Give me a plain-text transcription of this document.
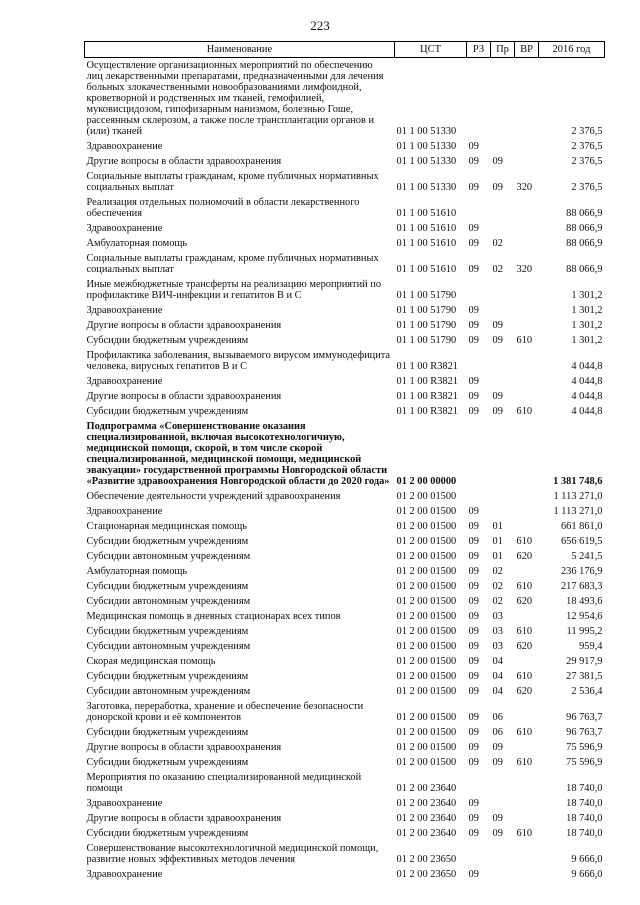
223
Наименование	ЦСТ	РЗ	Пр	ВР	2016 год
Осуществление организационных мероприятий по обеспечению лиц лекарственными препаратами, предназначенными для лечения больных злокачественными новообразованиями лимфоидной, кроветворной и родственных им тканей, гемофилией, муковисцидозом, гипофизарным нанизмом, болезнью Гоше, рассеянным склерозом, а также после трансплантации органов и (или) тканей	01 1 00 51330				2 376,5
Здравоохранение	01 1 00 51330	09			2 376,5
Другие вопросы в области здравоохранения	01 1 00 51330	09	09		2 376,5
Социальные выплаты гражданам, кроме публичных нормативных социальных выплат	01 1 00 51330	09	09	320	2 376,5
Реализация отдельных полномочий в области лекарственного обеспечения	01 1 00 51610				88 066,9
Здравоохранение	01 1 00 51610	09			88 066,9
Амбулаторная помощь	01 1 00 51610	09	02		88 066,9
Социальные выплаты гражданам, кроме публичных нормативных социальных выплат	01 1 00 51610	09	02	320	88 066,9
Иные межбюджетные трансферты на реализацию мероприятий по профилактике ВИЧ-инфекции и гепатитов В и С	01 1 00 51790				1 301,2
Здравоохранение	01 1 00 51790	09			1 301,2
Другие вопросы в области здравоохранения	01 1 00 51790	09	09		1 301,2
Субсидии бюджетным учреждениям	01 1 00 51790	09	09	610	1 301,2
Профилактика заболевания, вызываемого вирусом иммунодефицита человека, вирусных гепатитов В и С	01 1 00 R3821				4 044,8
Здравоохранение	01 1 00 R3821	09			4 044,8
Другие вопросы в области здравоохранения	01 1 00 R3821	09	09		4 044,8
Субсидии бюджетным учреждениям	01 1 00 R3821	09	09	610	4 044,8
Подпрограмма «Совершенствование оказания специализированной, включая высокотехнологичную, медицинской помощи, скорой, в том числе скорой специализированной, медицинской помощи, медицинской эвакуации» государственной программы Новгородской области «Развитие здравоохранения Новгородской области до 2020 года»	01 2 00 00000				1 381 748,6
Обеспечение деятельности учреждений здравоохранения	01 2 00 01500				1 113 271,0
Здравоохранение	01 2 00 01500	09			1 113 271,0
Стационарная медицинская помощь	01 2 00 01500	09	01		661 861,0
Субсидии бюджетным учреждениям	01 2 00 01500	09	01	610	656 619,5
Субсидии автономным учреждениям	01 2 00 01500	09	01	620	5 241,5
Амбулаторная помощь	01 2 00 01500	09	02		236 176,9
Субсидии бюджетным учреждениям	01 2 00 01500	09	02	610	217 683,3
Субсидии автономным учреждениям	01 2 00 01500	09	02	620	18 493,6
Медицинская помощь в дневных стационарах всех типов	01 2 00 01500	09	03		12 954,6
Субсидии бюджетным учреждениям	01 2 00 01500	09	03	610	11 995,2
Субсидии автономным учреждениям	01 2 00 01500	09	03	620	959,4
Скорая медицинская помощь	01 2 00 01500	09	04		29 917,9
Субсидии бюджетным учреждениям	01 2 00 01500	09	04	610	27 381,5
Субсидии автономным учреждениям	01 2 00 01500	09	04	620	2 536,4
Заготовка, переработка, хранение и обеспечение безопасности донорской крови и её компонентов	01 2 00 01500	09	06		96 763,7
Субсидии бюджетным учреждениям	01 2 00 01500	09	06	610	96 763,7
Другие вопросы в области здравоохранения	01 2 00 01500	09	09		75 596,9
Субсидии бюджетным учреждениям	01 2 00 01500	09	09	610	75 596,9
Мероприятия по оказанию специализированной медицинской помощи	01 2 00 23640				18 740,0
Здравоохранение	01 2 00 23640	09			18 740,0
Другие вопросы в области здравоохранения	01 2 00 23640	09	09		18 740,0
Субсидии бюджетным учреждениям	01 2 00 23640	09	09	610	18 740,0
Совершенствование высокотехнологичной медицинской помощи, развитие новых эффективных методов лечения	01 2 00 23650				9 666,0
Здравоохранение	01 2 00 23650	09			9 666,0
